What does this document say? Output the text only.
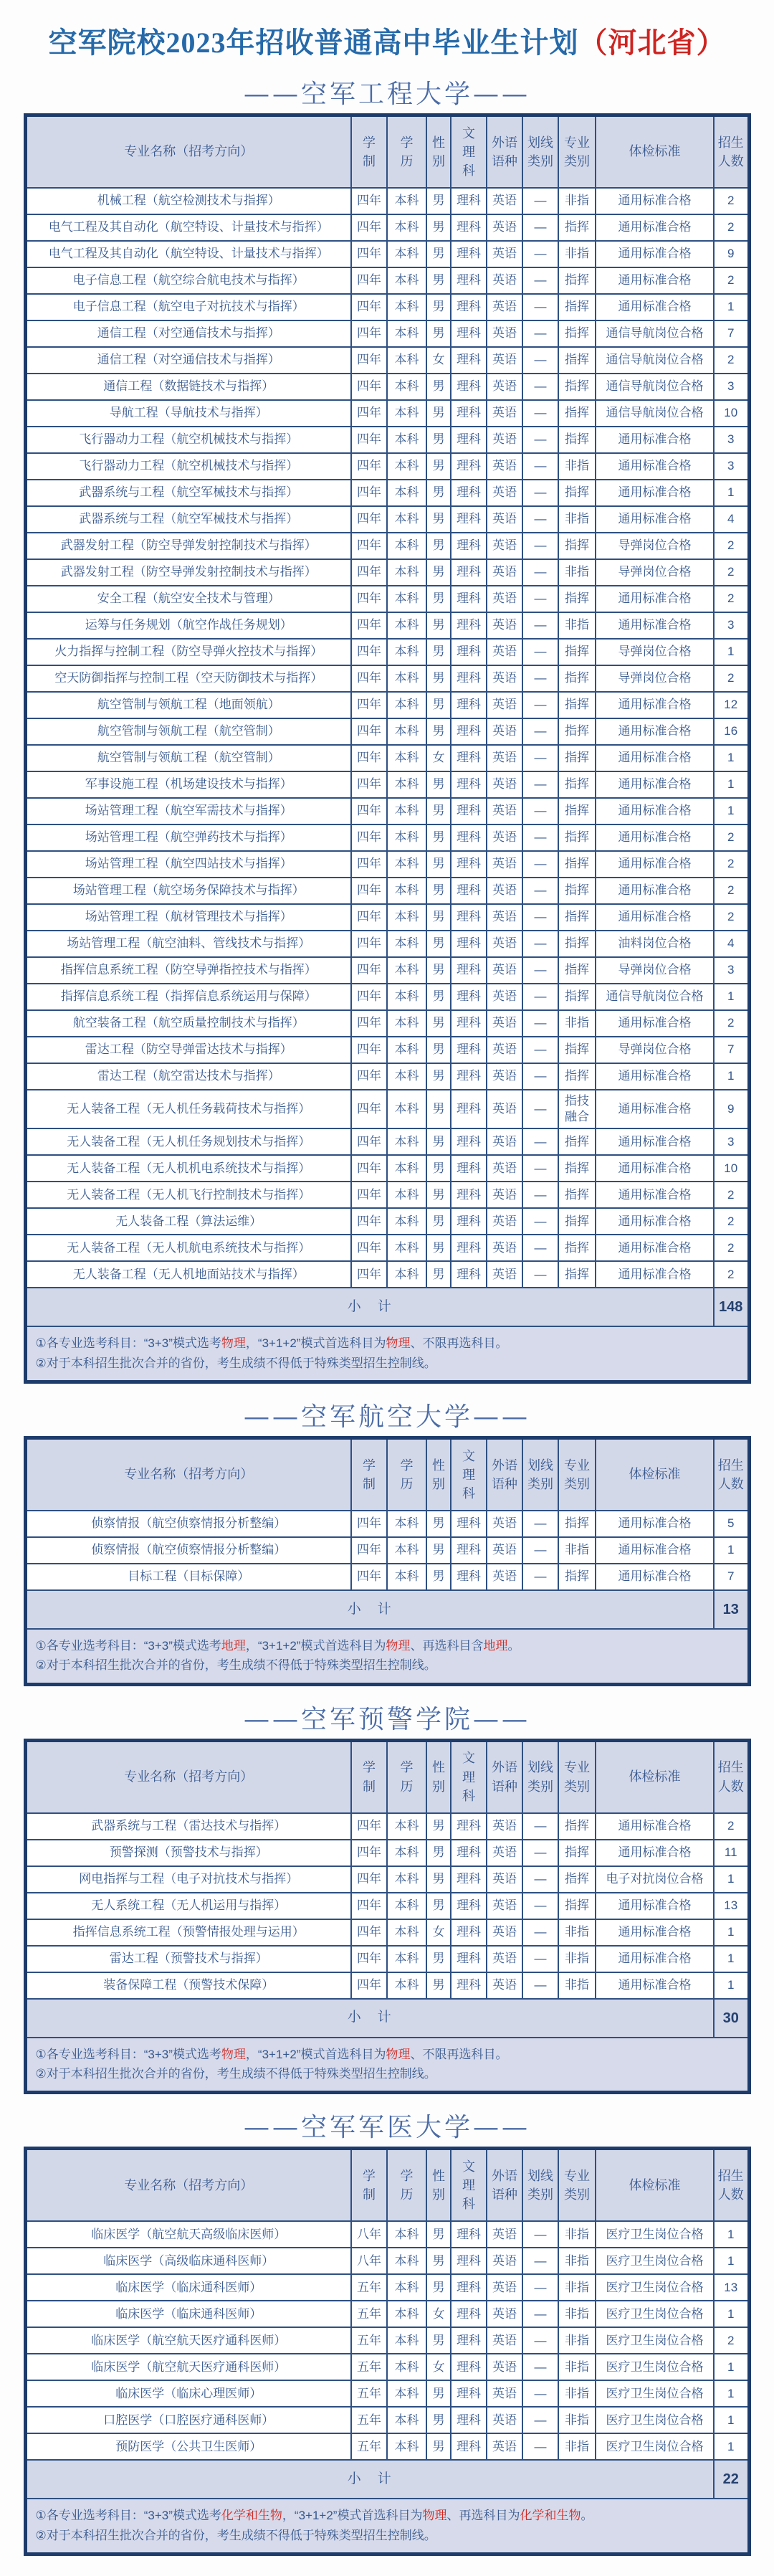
空军院校2023年招收普通高中毕业生计划（河北省）
——空军工程大学——
专业名称（招考方向）	学制	学历	性别	文理科	外语语种	划线类别	专业类别	体检标准	招生人数
机械工程（航空检测技术与指挥）	四年	本科	男	理科	英语	—	非指	通用标准合格	2
电气工程及其自动化（航空特设、计量技术与指挥）	四年	本科	男	理科	英语	—	指挥	通用标准合格	2
电气工程及其自动化（航空特设、计量技术与指挥）	四年	本科	男	理科	英语	—	非指	通用标准合格	9
电子信息工程（航空综合航电技术与指挥）	四年	本科	男	理科	英语	—	指挥	通用标准合格	2
电子信息工程（航空电子对抗技术与指挥）	四年	本科	男	理科	英语	—	指挥	通用标准合格	1
通信工程（对空通信技术与指挥）	四年	本科	男	理科	英语	—	指挥	通信导航岗位合格	7
通信工程（对空通信技术与指挥）	四年	本科	女	理科	英语	—	指挥	通信导航岗位合格	2
通信工程（数据链技术与指挥）	四年	本科	男	理科	英语	—	指挥	通信导航岗位合格	3
导航工程（导航技术与指挥）	四年	本科	男	理科	英语	—	指挥	通信导航岗位合格	10
飞行器动力工程（航空机械技术与指挥）	四年	本科	男	理科	英语	—	指挥	通用标准合格	3
飞行器动力工程（航空机械技术与指挥）	四年	本科	男	理科	英语	—	非指	通用标准合格	3
武器系统与工程（航空军械技术与指挥）	四年	本科	男	理科	英语	—	指挥	通用标准合格	1
武器系统与工程（航空军械技术与指挥）	四年	本科	男	理科	英语	—	非指	通用标准合格	4
武器发射工程（防空导弹发射控制技术与指挥）	四年	本科	男	理科	英语	—	指挥	导弹岗位合格	2
武器发射工程（防空导弹发射控制技术与指挥）	四年	本科	男	理科	英语	—	非指	导弹岗位合格	2
安全工程（航空安全技术与管理）	四年	本科	男	理科	英语	—	指挥	通用标准合格	2
运筹与任务规划（航空作战任务规划）	四年	本科	男	理科	英语	—	非指	通用标准合格	3
火力指挥与控制工程（防空导弹火控技术与指挥）	四年	本科	男	理科	英语	—	指挥	导弹岗位合格	1
空天防御指挥与控制工程（空天防御技术与指挥）	四年	本科	男	理科	英语	—	指挥	导弹岗位合格	2
航空管制与领航工程（地面领航）	四年	本科	男	理科	英语	—	指挥	通用标准合格	12
航空管制与领航工程（航空管制）	四年	本科	男	理科	英语	—	指挥	通用标准合格	16
航空管制与领航工程（航空管制）	四年	本科	女	理科	英语	—	指挥	通用标准合格	1
军事设施工程（机场建设技术与指挥）	四年	本科	男	理科	英语	—	指挥	通用标准合格	1
场站管理工程（航空军需技术与指挥）	四年	本科	男	理科	英语	—	指挥	通用标准合格	1
场站管理工程（航空弹药技术与指挥）	四年	本科	男	理科	英语	—	指挥	通用标准合格	2
场站管理工程（航空四站技术与指挥）	四年	本科	男	理科	英语	—	指挥	通用标准合格	2
场站管理工程（航空场务保障技术与指挥）	四年	本科	男	理科	英语	—	指挥	通用标准合格	2
场站管理工程（航材管理技术与指挥）	四年	本科	男	理科	英语	—	指挥	通用标准合格	2
场站管理工程（航空油料、管线技术与指挥）	四年	本科	男	理科	英语	—	指挥	油料岗位合格	4
指挥信息系统工程（防空导弹指控技术与指挥）	四年	本科	男	理科	英语	—	指挥	导弹岗位合格	3
指挥信息系统工程（指挥信息系统运用与保障）	四年	本科	男	理科	英语	—	指挥	通信导航岗位合格	1
航空装备工程（航空质量控制技术与指挥）	四年	本科	男	理科	英语	—	非指	通用标准合格	2
雷达工程（防空导弹雷达技术与指挥）	四年	本科	男	理科	英语	—	指挥	导弹岗位合格	7
雷达工程（航空雷达技术与指挥）	四年	本科	男	理科	英语	—	指挥	通用标准合格	1
无人装备工程（无人机任务载荷技术与指挥）	四年	本科	男	理科	英语	—	指技融合	通用标准合格	9
无人装备工程（无人机任务规划技术与指挥）	四年	本科	男	理科	英语	—	指挥	通用标准合格	3
无人装备工程（无人机机电系统技术与指挥）	四年	本科	男	理科	英语	—	指挥	通用标准合格	10
无人装备工程（无人机飞行控制技术与指挥）	四年	本科	男	理科	英语	—	指挥	通用标准合格	2
无人装备工程（算法运维）	四年	本科	男	理科	英语	—	指挥	通用标准合格	2
无人装备工程（无人机航电系统技术与指挥）	四年	本科	男	理科	英语	—	指挥	通用标准合格	2
无人装备工程（无人机地面站技术与指挥）	四年	本科	男	理科	英语	—	指挥	通用标准合格	2
小　计									148

①各专业选考科目：“3+3”模式选考物理，“3+1+2”模式首选科目为物理、不限再选科目。
②对于本科招生批次合并的省份，考生成绩不得低于特殊类型招生控制线。									
——空军航空大学——
专业名称（招考方向）	学制	学历	性别	文理科	外语语种	划线类别	专业类别	体检标准	招生人数
侦察情报（航空侦察情报分析整编）	四年	本科	男	理科	英语	—	指挥	通用标准合格	5
侦察情报（航空侦察情报分析整编）	四年	本科	男	理科	英语	—	非指	通用标准合格	1
目标工程（目标保障）	四年	本科	男	理科	英语	—	指挥	通用标准合格	7
小　计									13

①各专业选考科目：“3+3”模式选考地理，“3+1+2”模式首选科目为物理、再选科目含地理。
②对于本科招生批次合并的省份，考生成绩不得低于特殊类型招生控制线。									
——空军预警学院——
专业名称（招考方向）	学制	学历	性别	文理科	外语语种	划线类别	专业类别	体检标准	招生人数
武器系统与工程（雷达技术与指挥）	四年	本科	男	理科	英语	—	指挥	通用标准合格	2
预警探测（预警技术与指挥）	四年	本科	男	理科	英语	—	指挥	通用标准合格	11
网电指挥与工程（电子对抗技术与指挥）	四年	本科	男	理科	英语	—	指挥	电子对抗岗位合格	1
无人系统工程（无人机运用与指挥）	四年	本科	男	理科	英语	—	指挥	通用标准合格	13
指挥信息系统工程（预警情报处理与运用）	四年	本科	女	理科	英语	—	非指	通用标准合格	1
雷达工程（预警技术与指挥）	四年	本科	男	理科	英语	—	非指	通用标准合格	1
装备保障工程（预警技术保障）	四年	本科	男	理科	英语	—	非指	通用标准合格	1
小　计									30

①各专业选考科目：“3+3”模式选考物理，“3+1+2”模式首选科目为物理、不限再选科目。
②对于本科招生批次合并的省份，考生成绩不得低于特殊类型招生控制线。									
——空军军医大学——
专业名称（招考方向）	学制	学历	性别	文理科	外语语种	划线类别	专业类别	体检标准	招生人数
临床医学（航空航天高级临床医师）	八年	本科	男	理科	英语	—	非指	医疗卫生岗位合格	1
临床医学（高级临床通科医师）	八年	本科	男	理科	英语	—	非指	医疗卫生岗位合格	1
临床医学（临床通科医师）	五年	本科	男	理科	英语	—	非指	医疗卫生岗位合格	13
临床医学（临床通科医师）	五年	本科	女	理科	英语	—	非指	医疗卫生岗位合格	1
临床医学（航空航天医疗通科医师）	五年	本科	男	理科	英语	—	非指	医疗卫生岗位合格	2
临床医学（航空航天医疗通科医师）	五年	本科	女	理科	英语	—	非指	医疗卫生岗位合格	1
临床医学（临床心理医师）	五年	本科	男	理科	英语	—	非指	医疗卫生岗位合格	1
口腔医学（口腔医疗通科医师）	五年	本科	男	理科	英语	—	非指	医疗卫生岗位合格	1
预防医学（公共卫生医师）	五年	本科	男	理科	英语	—	非指	医疗卫生岗位合格	1
小　计									22

①各专业选考科目：“3+3”模式选考化学和生物，“3+1+2”模式首选科目为物理、再选科目为化学和生物。
②对于本科招生批次合并的省份，考生成绩不得低于特殊类型招生控制线。									
